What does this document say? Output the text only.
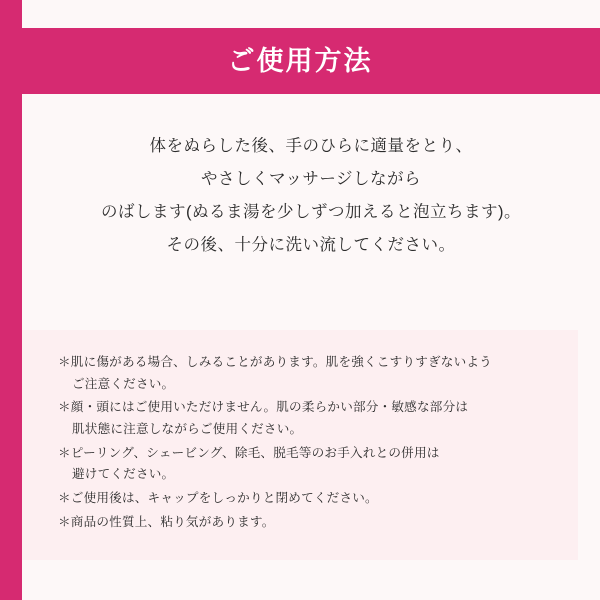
ご使用方法
体をぬらした後、手のひらに適量をとり、
やさしくマッサージしながら
のばします(ぬるま湯を少しずつ加えると泡立ちます)。
その後、十分に洗い流してください。
＊肌に傷がある場合、しみることがあります。肌を強くこすりすぎないよう
ご注意ください。
＊顔・頭にはご使用いただけません。肌の柔らかい部分・敏感な部分は
肌状態に注意しながらご使用ください。
＊ピーリング、シェービング、除毛、脱毛等のお手入れとの併用は
避けてください。
＊ご使用後は、キャップをしっかりと閉めてください。
＊商品の性質上、粘り気があります。
